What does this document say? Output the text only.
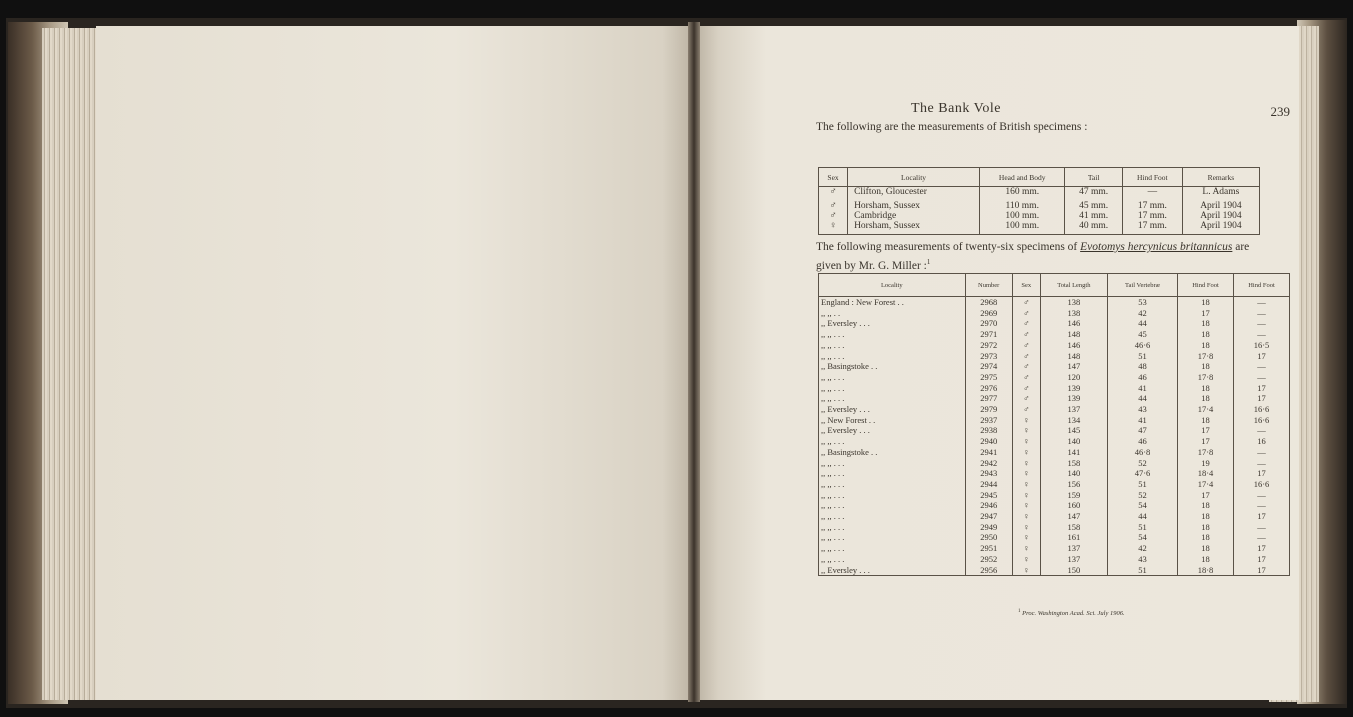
The Bank Vole	239
The following are the measurements of British specimens :
Sex	Locality	Head and Body	Tail	Hind Foot	Remarks
♂	Clifton, Gloucester	160 mm.	47 mm.	—	L. Adams
♂	Horsham, Sussex	110 mm.	45 mm.	17 mm.	April 1904
♂	Cambridge	100 mm.	41 mm.	17 mm.	April 1904
♀	Horsham, Sussex	100 mm.	40 mm.	17 mm.	April 1904
The following measurements of twenty-six specimens of Evotomys hercynicus britannicus are given by Mr. G. Miller :$^1$
Locality	Number	Sex	Total Length	Tail Vertebræ	Hind Foot	Hind Foot
England : New Forest . .	2968	♂	138	53	18	—
,, ,, . .	2969	♂	138	42	17	—
,, Eversley . . .	2970	♂	146	44	18	—
,, ,, . . .	2971	♂	148	45	18	—
,, ,, . . .	2972	♂	146	46·6	18	16·5
,, ,, . . .	2973	♂	148	51	17·8	17
,, Basingstoke . .	2974	♂	147	48	18	—
,, ,, . . .	2975	♂	120	46	17·8	—
,, ,, . . .	2976	♂	139	41	18	17
,, ,, . . .	2977	♂	139	44	18	17
,, Eversley . . .	2979	♂	137	43	17·4	16·6
,, New Forest . .	2937	♀	134	41	18	16·6
,, Eversley . . .	2938	♀	145	47	17	—
,, ,, . . .	2940	♀	140	46	17	16
,, Basingstoke . .	2941	♀	141	46·8	17·8	—
,, ,, . . .	2942	♀	158	52	19	—
,, ,, . . .	2943	♀	140	47·6	18·4	17
,, ,, . . .	2944	♀	156	51	17·4	16·6
,, ,, . . .	2945	♀	159	52	17	—
,, ,, . . .	2946	♀	160	54	18	—
,, ,, . . .	2947	♀	147	44	18	17
,, ,, . . .	2949	♀	158	51	18	—
,, ,, . . .	2950	♀	161	54	18	—
,, ,, . . .	2951	♀	137	42	18	17
,, ,, . . .	2952	♀	137	43	18	17
,, Eversley . . .	2956	♀	150	51	18·8	17
$^1$ Proc. Washington Acad. Sci. July 1906.
